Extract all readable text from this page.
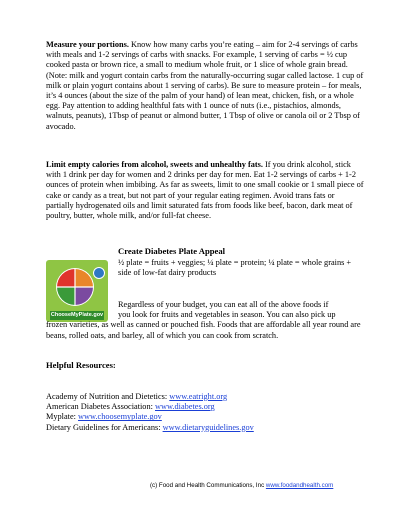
Measure your portions. Know how many carbs you’re eating – aim for 2-4 servings of carbs with meals and 1-2 servings of carbs with snacks. For example, 1 serving of carbs = ½ cup cooked pasta or brown rice, a small to medium whole fruit, or 1 slice of whole grain bread. (Note: milk and yogurt contain carbs from the naturally-occurring sugar called lactose. 1 cup of milk or plain yogurt contains about 1 serving of carbs). Be sure to measure protein – for meals, it’s 4 ounces (about the size of the palm of your hand) of lean meat, chicken, fish, or a whole egg. Pay attention to adding healthful fats with 1 ounce of nuts (i.e., pistachios, almonds, walnuts, peanuts), 1Tbsp of peanut or almond butter, 1 Tbsp of olive or canola oil or 2 Tbsp of avocado.

Limit empty calories from alcohol, sweets and unhealthy fats. If you drink alcohol, stick with 1 drink per day for women and 2 drinks per day for men. Eat 1-2 servings of carbs + 1-2 ounces of protein when imbibing. As far as sweets, limit to one small cookie or 1 small piece of cake or candy as a treat, but not part of your regular eating regimen. Avoid trans fats or partially hydrogenated oils and limit saturated fats from foods like beef, bacon, dark meat of poultry, butter, whole milk, and/or full-fat cheese.

ChooseMyPlate.gov
Create Diabetes Plate Appeal

½ plate = fruits + veggies; ¼ plate = protein; ¼ plate = whole grains + side of low-fat dairy products

Regardless of your budget, you can eat all of the above foods if
you look for fruits and vegetables in season. You can also pick up
frozen varieties, as well as canned or pouched fish. Foods that are affordable all year round are beans, rolled oats, and barley, all of which you can cook from scratch.

Helpful Resources:
Academy of Nutrition and Dietetics: www.eatright.org
American Diabetes Association: www.diabetes.org
Myplate: www.choosemyplate.gov
Dietary Guidelines for Americans: www.dietaryguidelines.gov
(c) Food and Health Communications, Inc www.foodandhealth.com
